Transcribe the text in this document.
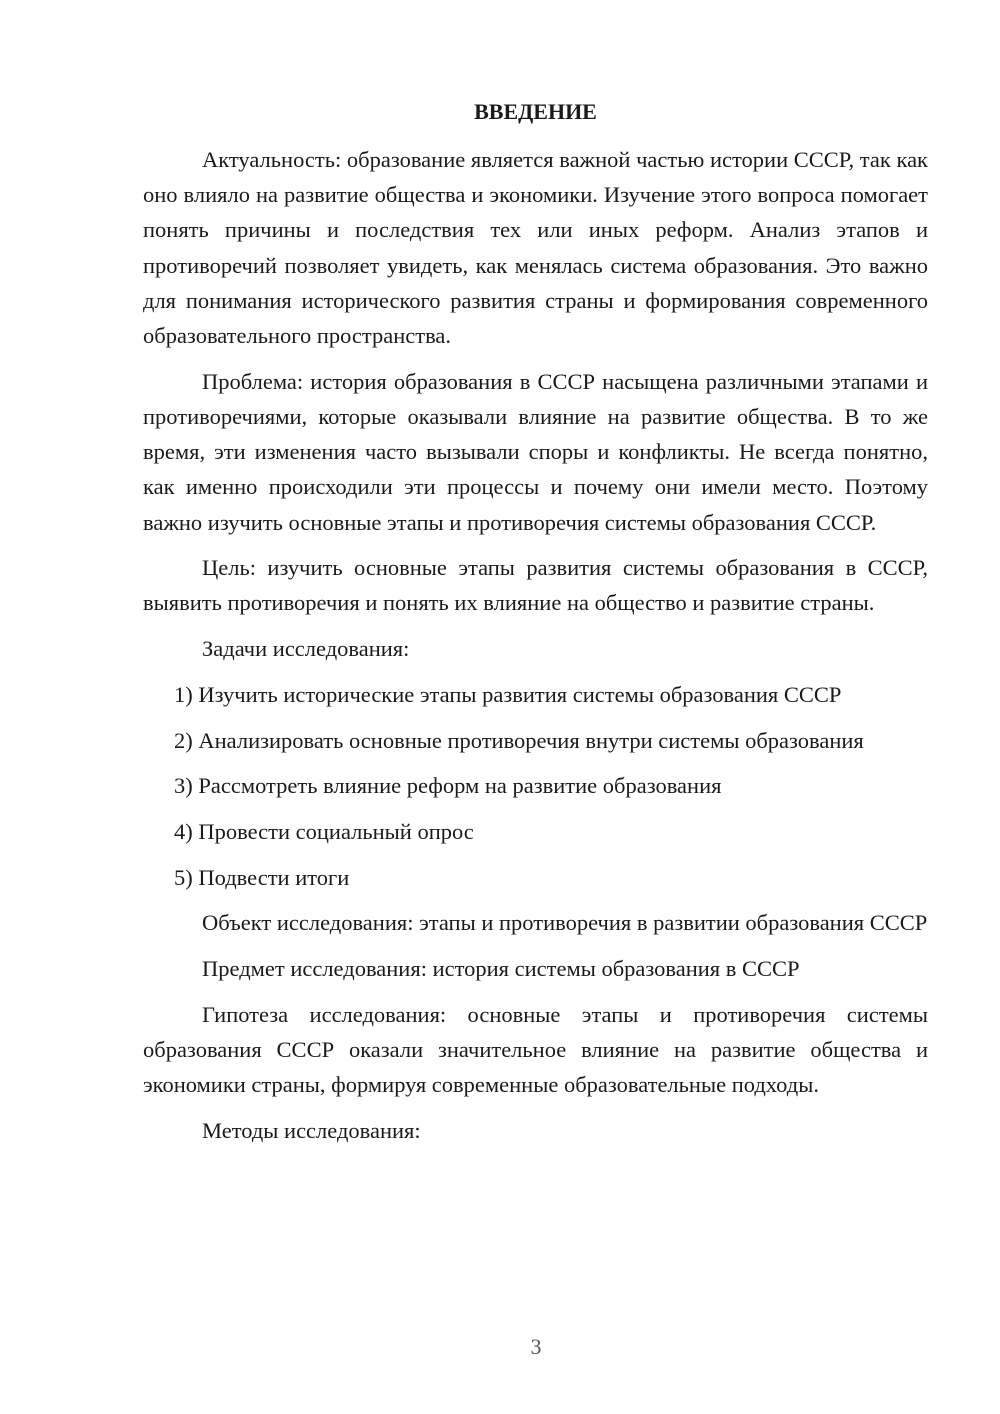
ВВЕДЕНИЕ

Актуальность: образование является важной частью истории СССР, так как оно влияло на развитие общества и экономики. Изучение этого вопроса помогает понять причины и последствия тех или иных реформ. Анализ этапов и противоречий позволяет увидеть, как менялась система образования. Это важно для понимания исторического развития страны и формирования современного образовательного пространства.

Проблема: история образования в СССР насыщена различными этапами и противоречиями, которые оказывали влияние на развитие общества. В то же время, эти изменения часто вызывали споры и конфликты. Не всегда понятно, как именно происходили эти процессы и почему они имели место. Поэтому важно изучить основные этапы и противоречия системы образования СССР.

Цель: изучить основные этапы развития системы образования в СССР, выявить противоречия и понять их влияние на общество и развитие страны.

Задачи исследования:

1) Изучить исторические этапы развития системы образования СССР

2) Анализировать основные противоречия внутри системы образования

3) Рассмотреть влияние реформ на развитие образования

4) Провести социальный опрос

5) Подвести итоги

Объект исследования: этапы и противоречия в развитии образования СССР

Предмет исследования: история системы образования в СССР

Гипотеза исследования: основные этапы и противоречия системы образования СССР оказали значительное влияние на развитие общества и экономики страны, формируя современные образовательные подходы.

Методы исследования:

3
